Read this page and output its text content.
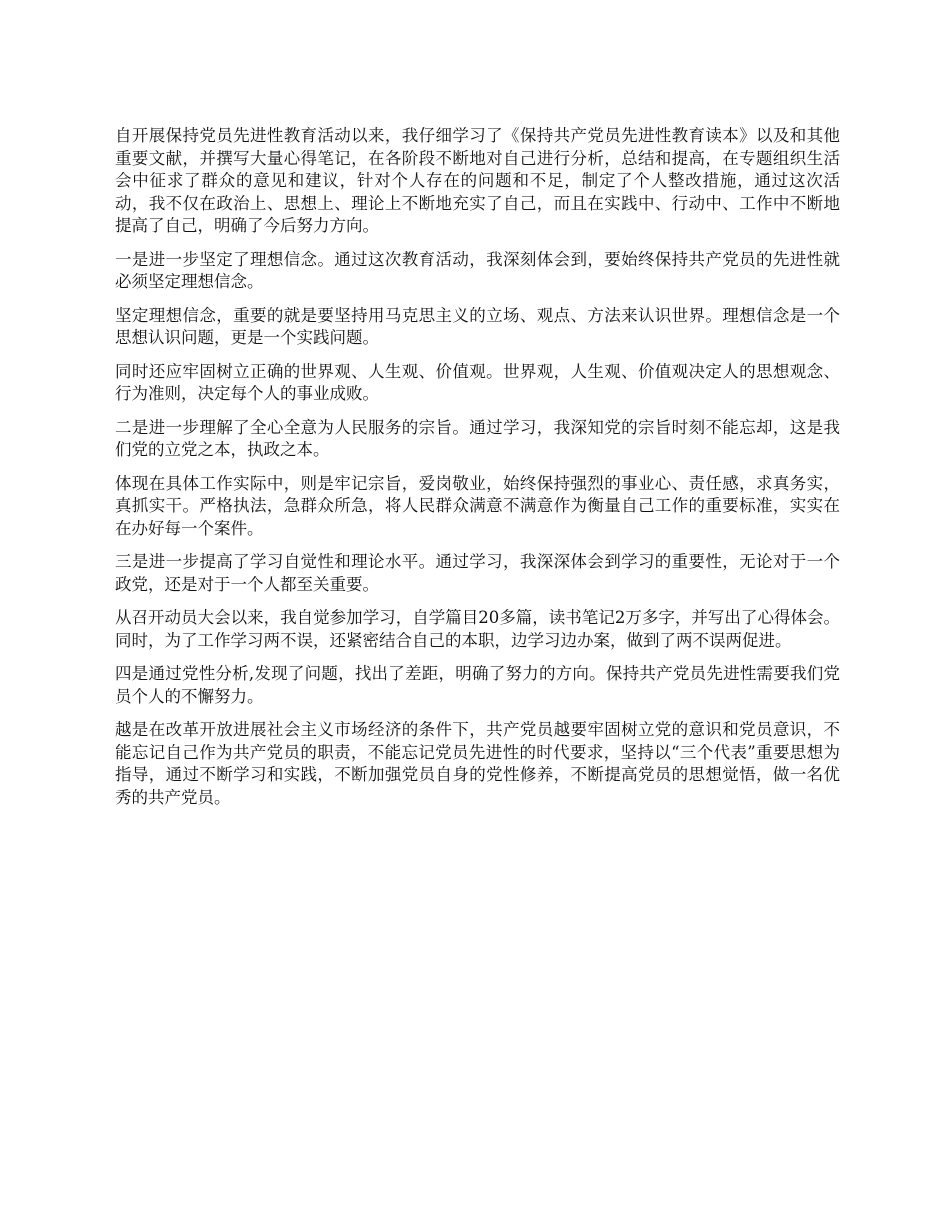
自开展保持党员先进性教育活动以来，我仔细学习了《保持共产党员先进性教育读本》以及和其他重要文献，并撰写大量心得笔记，在各阶段不断地对自己进行分析，总结和提高，在专题组织生活会中征求了群众的意见和建议，针对个人存在的问题和不足，制定了个人整改措施，通过这次活动，我不仅在政治上、思想上、理论上不断地充实了自己，而且在实践中、行动中、工作中不断地提高了自己，明确了今后努力方向。

一是进一步坚定了理想信念。通过这次教育活动，我深刻体会到，要始终保持共产党员的先进性就必须坚定理想信念。

坚定理想信念，重要的就是要坚持用马克思主义的立场、观点、方法来认识世界。理想信念是一个思想认识问题，更是一个实践问题。

同时还应牢固树立正确的世界观、人生观、价值观。世界观，人生观、价值观决定人的思想观念、行为准则，决定每个人的事业成败。

二是进一步理解了全心全意为人民服务的宗旨。通过学习，我深知党的宗旨时刻不能忘却，这是我们党的立党之本，执政之本。

体现在具体工作实际中，则是牢记宗旨，爱岗敬业，始终保持强烈的事业心、责任感，求真务实，真抓实干。严格执法，急群众所急，将人民群众满意不满意作为衡量自己工作的重要标准，实实在在办好每一个案件。

三是进一步提高了学习自觉性和理论水平。通过学习，我深深体会到学习的重要性，无论对于一个政党，还是对于一个人都至关重要。

从召开动员大会以来，我自觉参加学习，自学篇目20多篇，读书笔记2万多字，并写出了心得体会。同时，为了工作学习两不误，还紧密结合自己的本职，边学习边办案，做到了两不误两促进。

四是通过党性分析,发现了问题，找出了差距，明确了努力的方向。保持共产党员先进性需要我们党员个人的不懈努力。

越是在改革开放进展社会主义市场经济的条件下，共产党员越要牢固树立党的意识和党员意识，不能忘记自己作为共产党员的职责，不能忘记党员先进性的时代要求，坚持以“三个代表”重要思想为指导，通过不断学习和实践，不断加强党员自身的党性修养，不断提高党员的思想觉悟，做一名优秀的共产党员。
